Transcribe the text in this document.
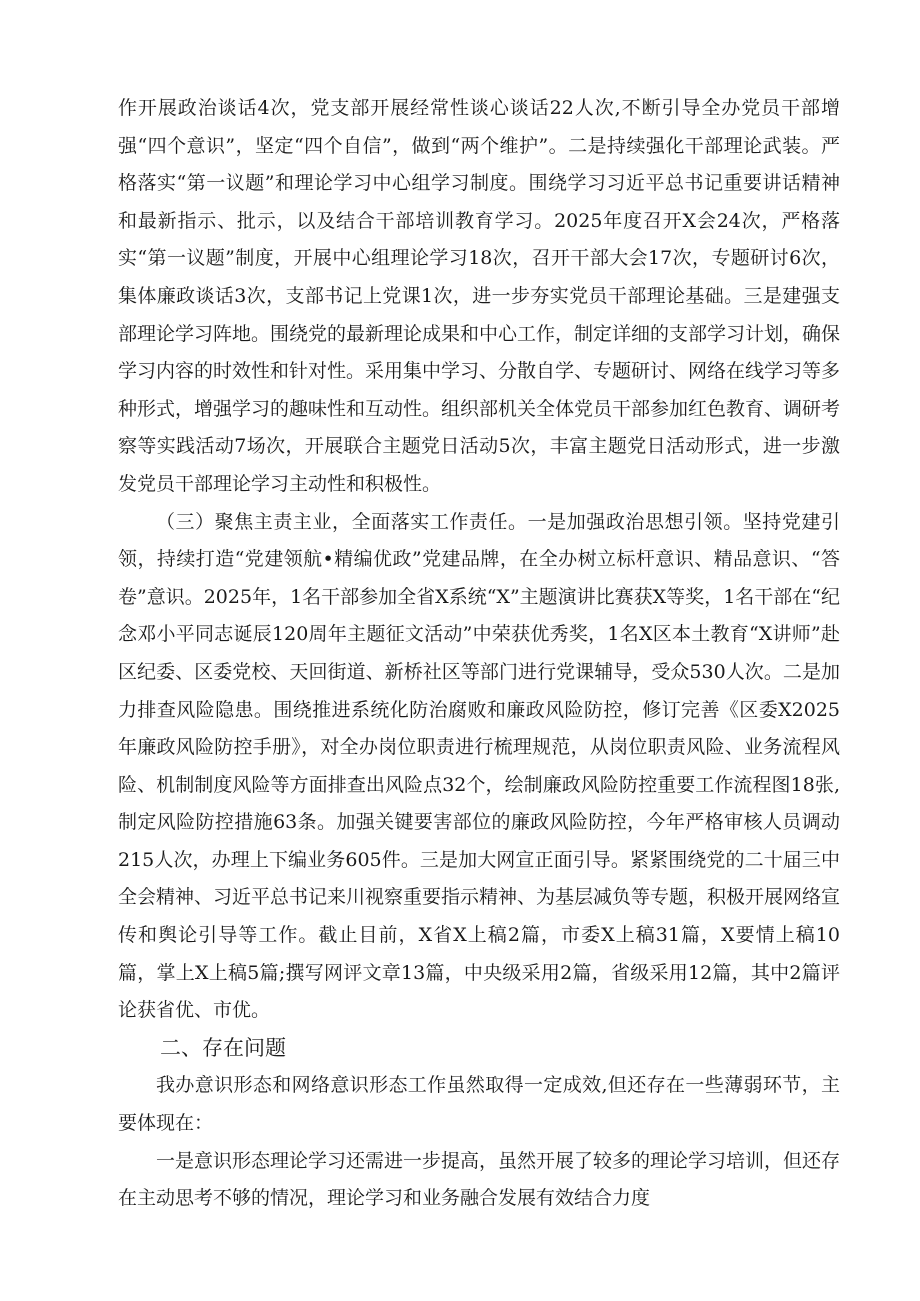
作开展政治谈话4次，党支部开展经常性谈心谈话22人次,不断引导全办党员干部增强“四个意识”，坚定“四个自信”，做到“两个维护”。二是持续强化干部理论武装。严格落实“第一议题”和理论学习中心组学习制度。围绕学习习近平总书记重要讲话精神和最新指示、批示，以及结合干部培训教育学习。2025年度召开X会24次，严格落实“第一议题”制度，开展中心组理论学习18次，召开干部大会17次，专题研讨6次，集体廉政谈话3次，支部书记上党课1次，进一步夯实党员干部理论基础。三是建强支部理论学习阵地。围绕党的最新理论成果和中心工作，制定详细的支部学习计划，确保学习内容的时效性和针对性。采用集中学习、分散自学、专题研讨、网络在线学习等多种形式，增强学习的趣味性和互动性。组织部机关全体党员干部参加红色教育、调研考察等实践活动7场次，开展联合主题党日活动5次，丰富主题党日活动形式，进一步激发党员干部理论学习主动性和积极性。

（三）聚焦主责主业，全面落实工作责任。一是加强政治思想引领。坚持党建引领，持续打造“党建领航•精编优政”党建品牌，在全办树立标杆意识、精品意识、“答卷”意识。2025年，1名干部参加全省X系统“X”主题演讲比赛获X等奖，1名干部在“纪念邓小平同志诞辰120周年主题征文活动”中荣获优秀奖，1名X区本土教育“X讲师”赴区纪委、区委党校、天回街道、新桥社区等部门进行党课辅导，受众530人次。二是加力排查风险隐患。围绕推进系统化防治腐败和廉政风险防控，修订完善《区委X2025年廉政风险防控手册》，对全办岗位职责进行梳理规范，从岗位职责风险、业务流程风险、机制制度风险等方面排查出风险点32个，绘制廉政风险防控重要工作流程图18张,制定风险防控措施63条。加强关键要害部位的廉政风险防控，今年严格审核人员调动215人次，办理上下编业务605件。三是加大网宣正面引导。紧紧围绕党的二十届三中全会精神、习近平总书记来川视察重要指示精神、为基层减负等专题，积极开展网络宣传和舆论引导等工作。截止目前，X省X上稿2篇，市委X上稿31篇，X要情上稿10篇，掌上X上稿5篇;撰写网评文章13篇，中央级采用2篇，省级采用12篇，其中2篇评论获省优、市优。

二、存在问题

我办意识形态和网络意识形态工作虽然取得一定成效,但还存在一些薄弱环节，主要体现在：

一是意识形态理论学习还需进一步提高，虽然开展了较多的理论学习培训，但还存在主动思考不够的情况，理论学习和业务融合发展有效结合力度
